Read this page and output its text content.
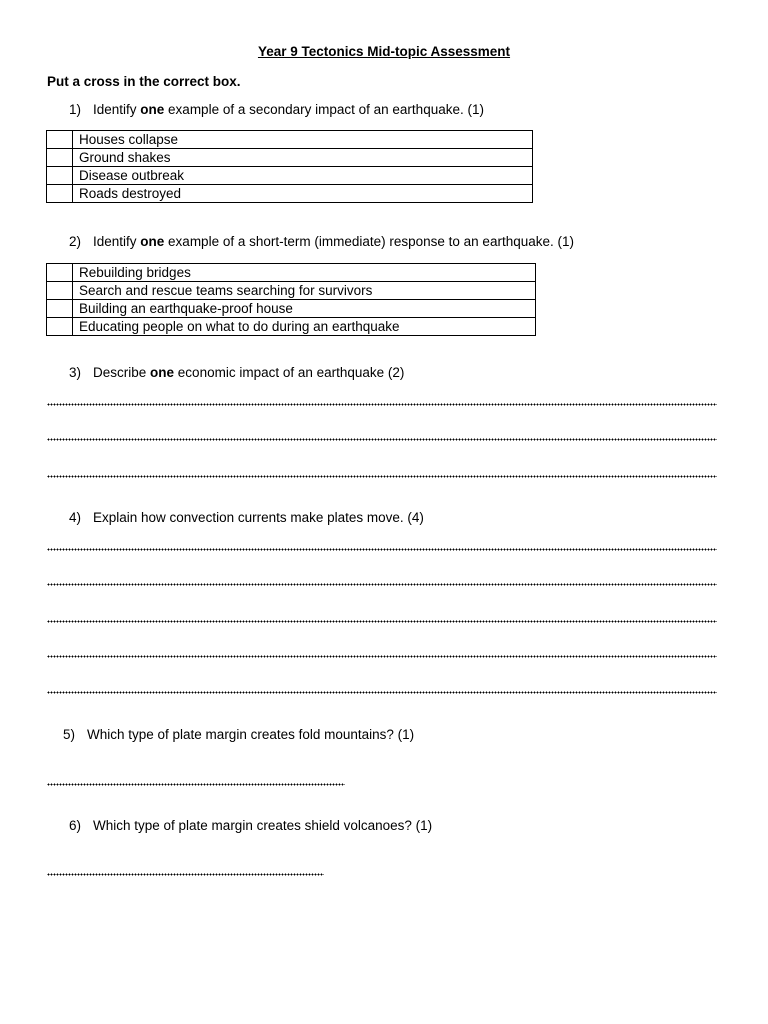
Year 9 Tectonics Mid-topic Assessment
Put a cross in the correct box.
1) Identify one example of a secondary impact of an earthquake. (1)
	Houses collapse
	Ground shakes
	Disease outbreak
	Roads destroyed
2) Identify one example of a short-term (immediate) response to an earthquake. (1)
	Rebuilding bridges
	Search and rescue teams searching for survivors
	Building an earthquake-proof house
	Educating people on what to do during an earthquake
3) Describe one economic impact of an earthquake (2)
4) Explain how convection currents make plates move. (4)
5) Which type of plate margin creates fold mountains? (1)
6) Which type of plate margin creates shield volcanoes? (1)
